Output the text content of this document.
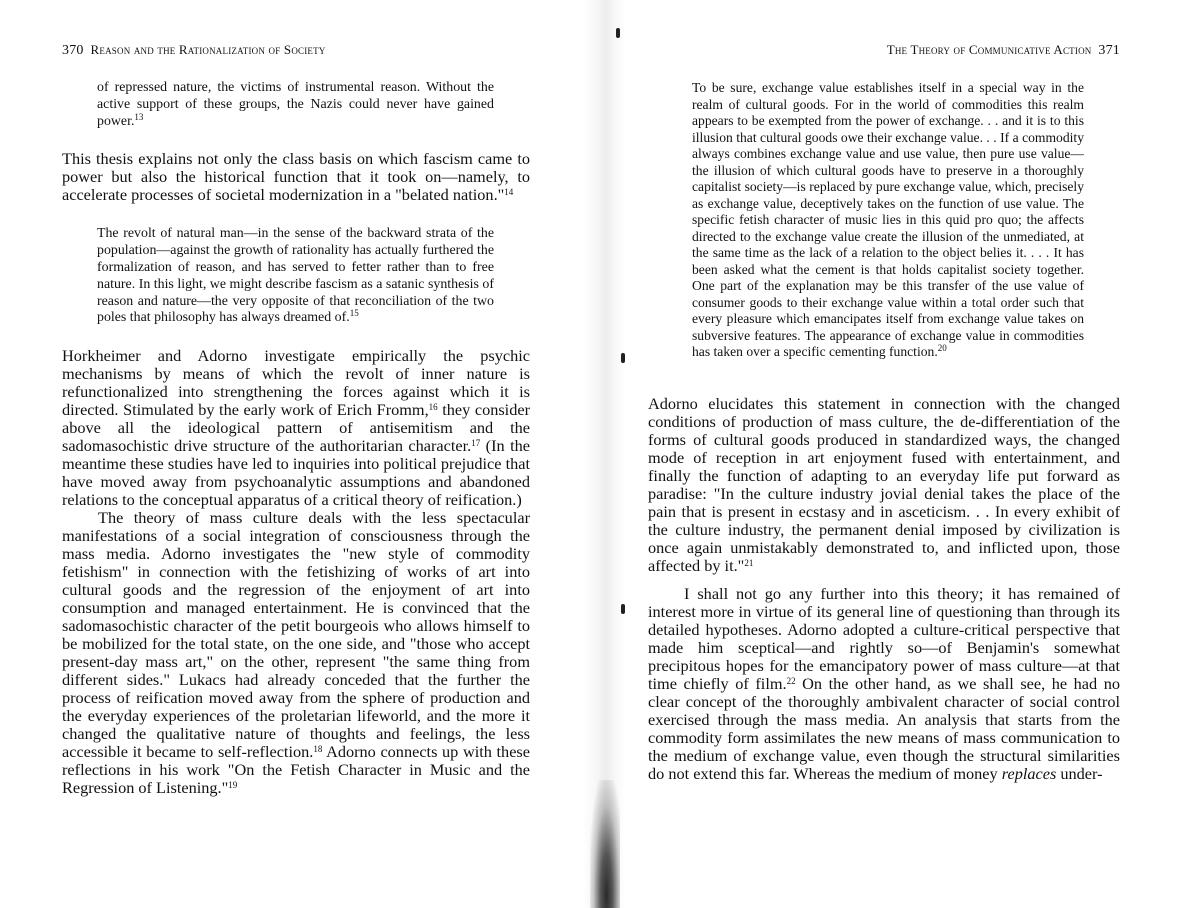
370 Reason and the Rationalization of Society

of repressed nature, the victims of instrumental reason. Without the active support of these groups, the Nazis could never have gained power.$^{13}$

This thesis explains not only the class basis on which fascism came to power but also the historical function that it took on—namely, to accelerate processes of societal modernization in a "belated nation."$^{14}$

The revolt of natural man—in the sense of the backward strata of the population—against the growth of rationality has actually furthered the formalization of reason, and has served to fetter rather than to free nature. In this light, we might describe fascism as a satanic synthesis of reason and nature—the very opposite of that reconciliation of the two poles that philosophy has always dreamed of.$^{15}$

Horkheimer and Adorno investigate empirically the psychic mechanisms by means of which the revolt of inner nature is refunctionalized into strengthening the forces against which it is directed. Stimulated by the early work of Erich Fromm,$^{16}$ they consider above all the ideological pattern of antisemitism and the sadomasochistic drive structure of the authoritarian character.$^{17}$ (In the meantime these studies have led to inquiries into political prejudice that have moved away from psychoanalytic assumptions and abandoned relations to the conceptual apparatus of a critical theory of reification.)

The theory of mass culture deals with the less spectacular manifestations of a social integration of consciousness through the mass media. Adorno investigates the "new style of commodity fetishism" in connection with the fetishizing of works of art into cultural goods and the regression of the enjoyment of art into consumption and managed entertainment. He is convinced that the sadomasochistic character of the petit bourgeois who allows himself to be mobilized for the total state, on the one side, and "those who accept present-day mass art," on the other, represent "the same thing from different sides." Lukacs had already conceded that the further the process of reification moved away from the sphere of production and the everyday experiences of the proletarian lifeworld, and the more it changed the qualitative nature of thoughts and feelings, the less accessible it became to self-reflection.$^{18}$ Adorno connects up with these reflections in his work "On the Fetish Character in Music and the Regression of Listening."$^{19}$

The Theory of Communicative Action 371

To be sure, exchange value establishes itself in a special way in the realm of cultural goods. For in the world of commodities this realm appears to be exempted from the power of exchange. . . and it is to this illusion that cultural goods owe their exchange value. . . If a commodity always combines exchange value and use value, then pure use value—the illusion of which cultural goods have to preserve in a thoroughly capitalist society—is replaced by pure exchange value, which, precisely as exchange value, deceptively takes on the function of use value. The specific fetish character of music lies in this quid pro quo; the affects directed to the exchange value create the illusion of the unmediated, at the same time as the lack of a relation to the object belies it. . . . It has been asked what the cement is that holds capitalist society together. One part of the explanation may be this transfer of the use value of consumer goods to their exchange value within a total order such that every pleasure which emancipates itself from exchange value takes on subversive features. The appearance of exchange value in commodities has taken over a specific cementing function.$^{20}$

Adorno elucidates this statement in connection with the changed conditions of production of mass culture, the de-differentiation of the forms of cultural goods produced in standardized ways, the changed mode of reception in art enjoyment fused with entertainment, and finally the function of adapting to an everyday life put forward as paradise: "In the culture industry jovial denial takes the place of the pain that is present in ecstasy and in asceticism. . . In every exhibit of the culture industry, the permanent denial imposed by civilization is once again unmistakably demonstrated to, and inflicted upon, those affected by it."$^{21}$

I shall not go any further into this theory; it has remained of interest more in virtue of its general line of questioning than through its detailed hypotheses. Adorno adopted a culture-critical perspective that made him sceptical—and rightly so—of Benjamin's somewhat precipitous hopes for the emancipatory power of mass culture—at that time chiefly of film.$^{22}$ On the other hand, as we shall see, he had no clear concept of the thoroughly ambivalent character of social control exercised through the mass media. An analysis that starts from the commodity form assimilates the new means of mass communication to the medium of exchange value, even though the structural similarities do not extend this far. Whereas the medium of money replaces under-
